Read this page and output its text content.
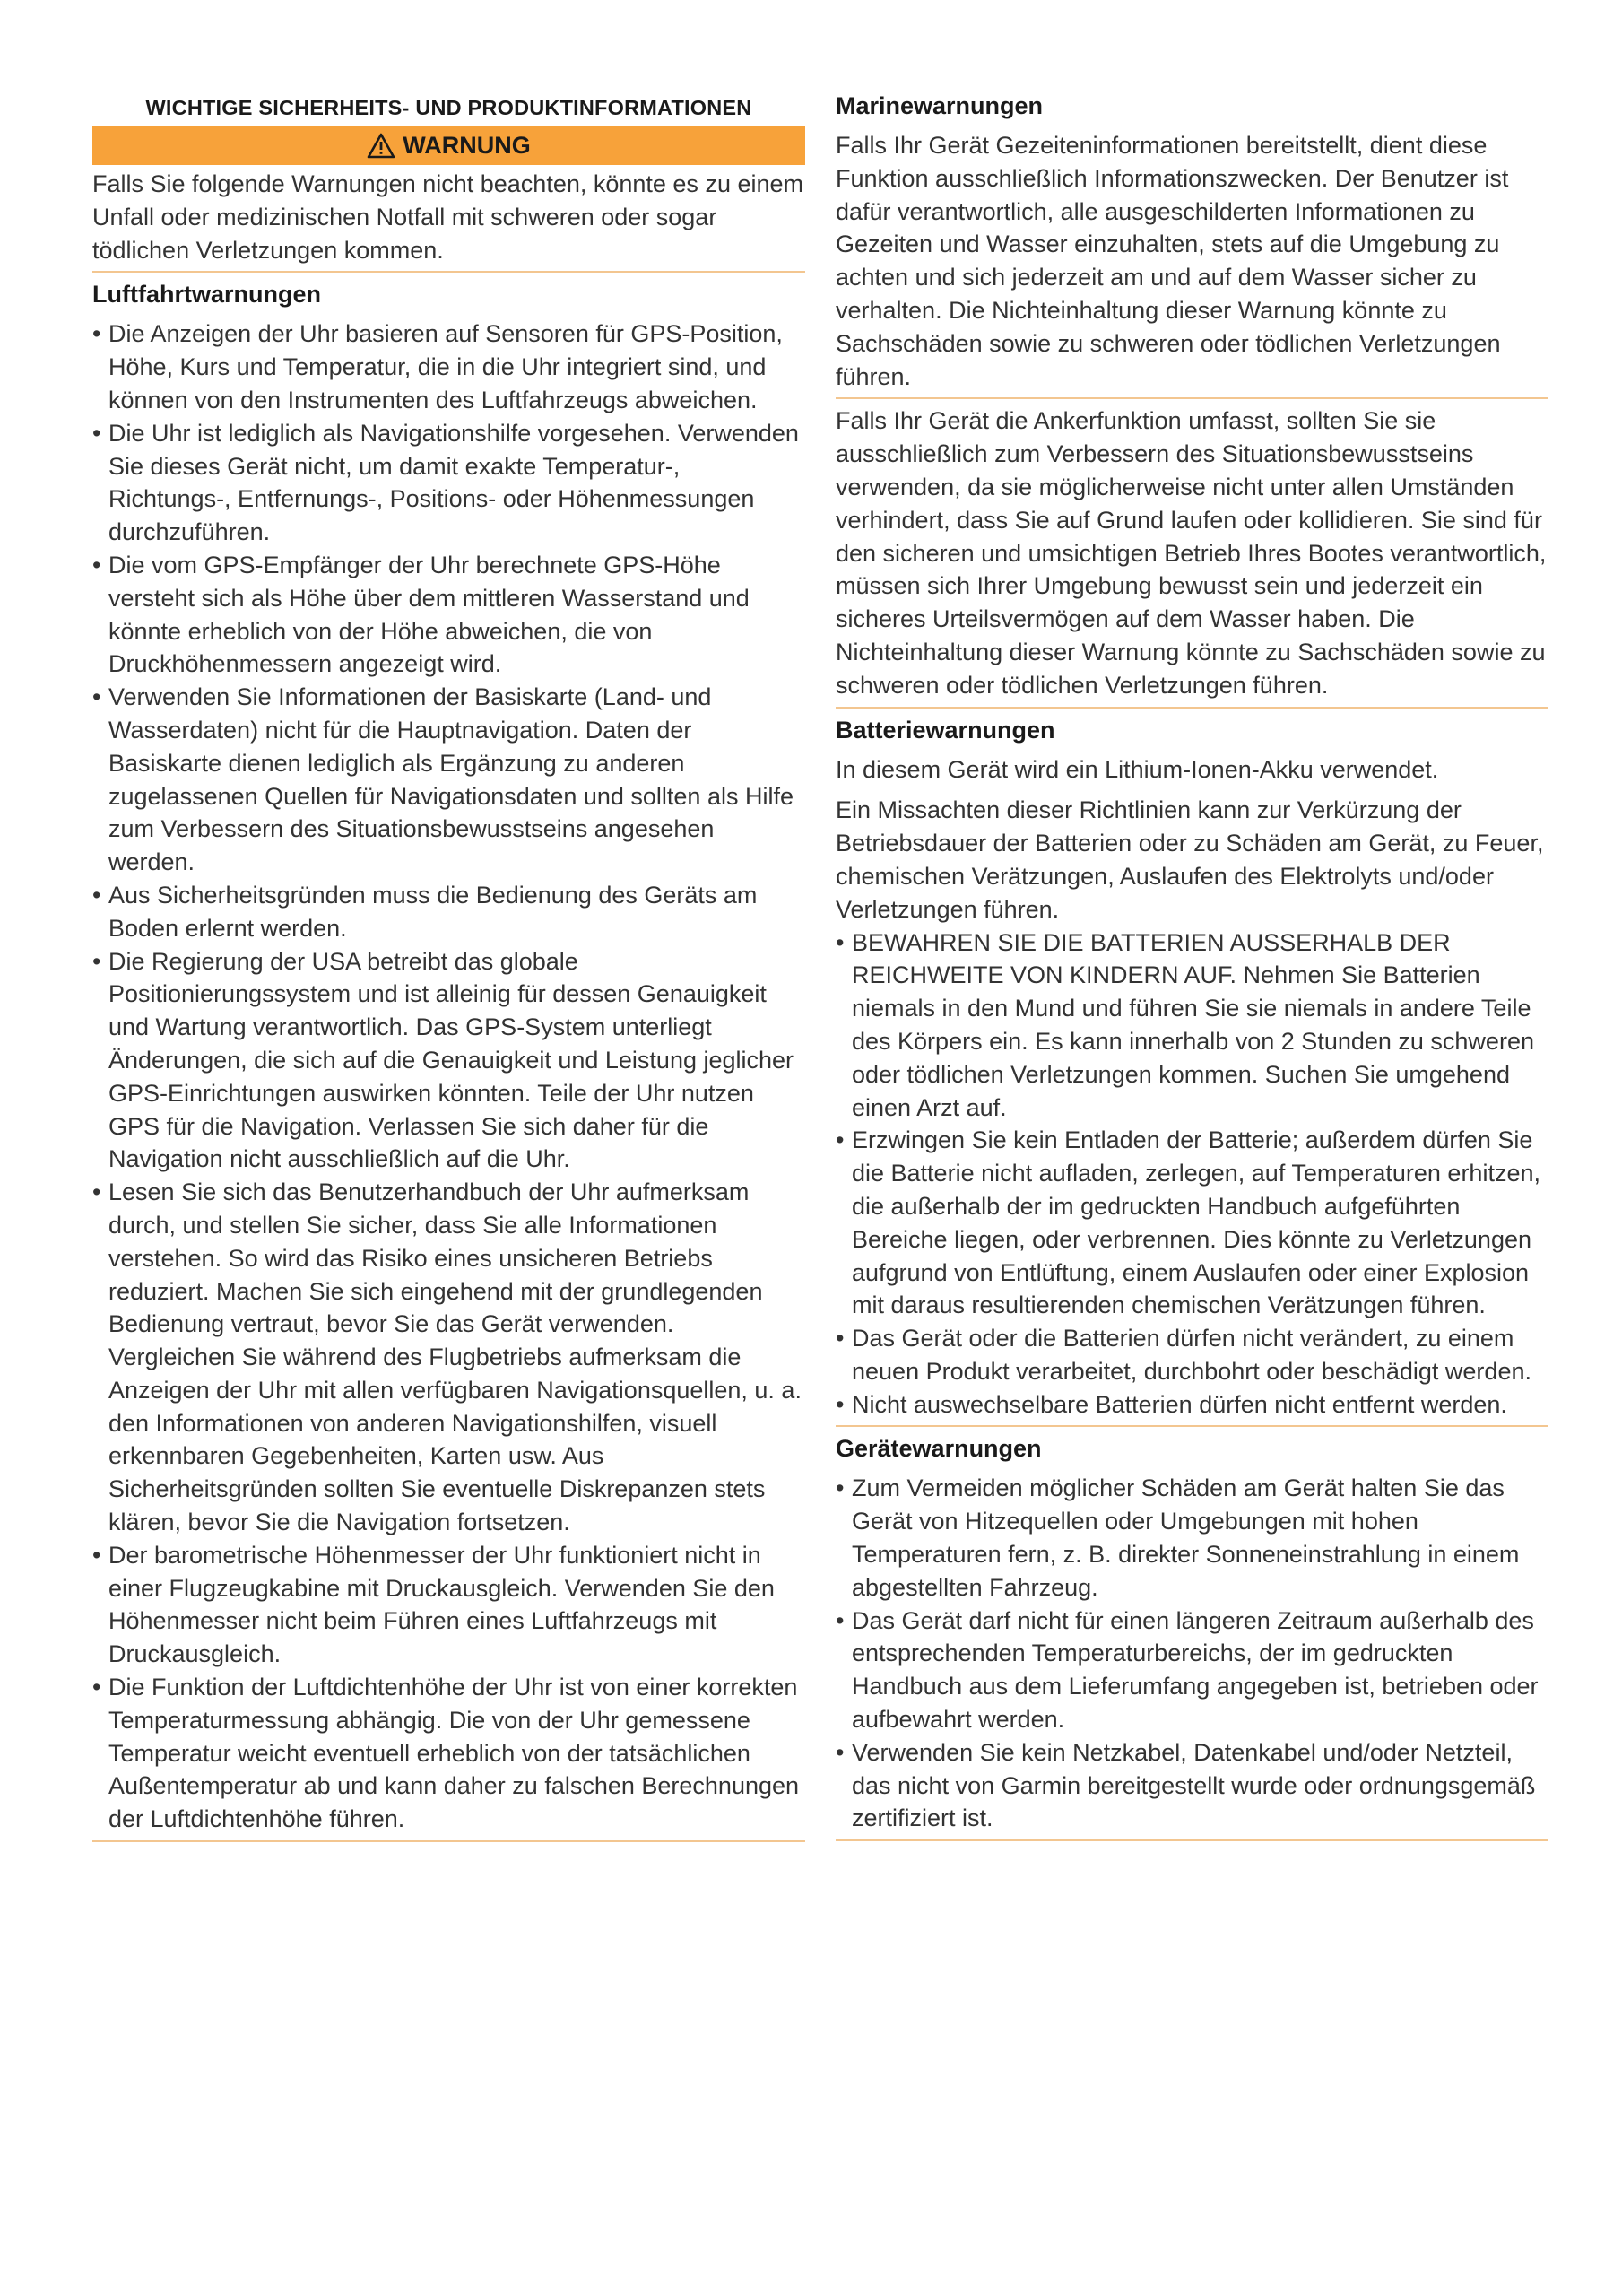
WICHTIGE SICHERHEITS- UND PRODUKTINFORMATIONEN
WARNUNG

Falls Sie folgende Warnungen nicht beachten, könnte es zu einem Unfall oder medizinischen Notfall mit schweren oder sogar tödlichen Verletzungen kommen.

Luftfahrtwarnungen
• Die Anzeigen der Uhr basieren auf Sensoren für GPS-Position, Höhe, Kurs und Temperatur, die in die Uhr integriert sind, und können von den Instrumenten des Luftfahrzeugs abweichen.
• Die Uhr ist lediglich als Navigationshilfe vorgesehen. Verwenden Sie dieses Gerät nicht, um damit exakte Temperatur-, Richtungs-, Entfernungs-, Positions- oder Höhenmessungen durchzuführen.
• Die vom GPS-Empfänger der Uhr berechnete GPS-Höhe versteht sich als Höhe über dem mittleren Wasserstand und könnte erheblich von der Höhe abweichen, die von Druckhöhenmessern angezeigt wird.
• Verwenden Sie Informationen der Basiskarte (Land- und Wasserdaten) nicht für die Hauptnavigation. Daten der Basiskarte dienen lediglich als Ergänzung zu anderen zugelassenen Quellen für Navigationsdaten und sollten als Hilfe zum Verbessern des Situationsbewusstseins angesehen werden.
• Aus Sicherheitsgründen muss die Bedienung des Geräts am Boden erlernt werden.
• Die Regierung der USA betreibt das globale Positionierungssystem und ist alleinig für dessen Genauigkeit und Wartung verantwortlich. Das GPS-System unterliegt Änderungen, die sich auf die Genauigkeit und Leistung jeglicher GPS-Einrichtungen auswirken könnten. Teile der Uhr nutzen GPS für die Navigation. Verlassen Sie sich daher für die Navigation nicht ausschließlich auf die Uhr.
• Lesen Sie sich das Benutzerhandbuch der Uhr aufmerksam durch, und stellen Sie sicher, dass Sie alle Informationen verstehen. So wird das Risiko eines unsicheren Betriebs reduziert. Machen Sie sich eingehend mit der grundlegenden Bedienung vertraut, bevor Sie das Gerät verwenden. Vergleichen Sie während des Flugbetriebs aufmerksam die Anzeigen der Uhr mit allen verfügbaren Navigationsquellen, u. a. den Informationen von anderen Navigationshilfen, visuell erkennbaren Gegebenheiten, Karten usw. Aus Sicherheitsgründen sollten Sie eventuelle Diskrepanzen stets klären, bevor Sie die Navigation fortsetzen.
• Der barometrische Höhenmesser der Uhr funktioniert nicht in einer Flugzeugkabine mit Druckausgleich. Verwenden Sie den Höhenmesser nicht beim Führen eines Luftfahrzeugs mit Druckausgleich.
• Die Funktion der Luftdichtenhöhe der Uhr ist von einer korrekten Temperaturmessung abhängig. Die von der Uhr gemessene Temperatur weicht eventuell erheblich von der tatsächlichen Außentemperatur ab und kann daher zu falschen Berechnungen der Luftdichtenhöhe führen.
Marinewarnungen

Falls Ihr Gerät Gezeiteninformationen bereitstellt, dient diese Funktion ausschließlich Informationszwecken. Der Benutzer ist dafür verantwortlich, alle ausgeschilderten Informationen zu Gezeiten und Wasser einzuhalten, stets auf die Umgebung zu achten und sich jederzeit am und auf dem Wasser sicher zu verhalten. Die Nichteinhaltung dieser Warnung könnte zu Sachschäden sowie zu schweren oder tödlichen Verletzungen führen.

Falls Ihr Gerät die Ankerfunktion umfasst, sollten Sie sie ausschließlich zum Verbessern des Situationsbewusstseins verwenden, da sie möglicherweise nicht unter allen Umständen verhindert, dass Sie auf Grund laufen oder kollidieren. Sie sind für den sicheren und umsichtigen Betrieb Ihres Bootes verantwortlich, müssen sich Ihrer Umgebung bewusst sein und jederzeit ein sicheres Urteilsvermögen auf dem Wasser haben. Die Nichteinhaltung dieser Warnung könnte zu Sachschäden sowie zu schweren oder tödlichen Verletzungen führen.

Batteriewarnungen

In diesem Gerät wird ein Lithium-Ionen-Akku verwendet.

Ein Missachten dieser Richtlinien kann zur Verkürzung der Betriebsdauer der Batterien oder zu Schäden am Gerät, zu Feuer, chemischen Verätzungen, Auslaufen des Elektrolyts und/oder Verletzungen führen.

• BEWAHREN SIE DIE BATTERIEN AUSSERHALB DER REICHWEITE VON KINDERN AUF. Nehmen Sie Batterien niemals in den Mund und führen Sie sie niemals in andere Teile des Körpers ein. Es kann innerhalb von 2 Stunden zu schweren oder tödlichen Verletzungen kommen. Suchen Sie umgehend einen Arzt auf.
• Erzwingen Sie kein Entladen der Batterie; außerdem dürfen Sie die Batterie nicht aufladen, zerlegen, auf Temperaturen erhitzen, die außerhalb der im gedruckten Handbuch aufgeführten Bereiche liegen, oder verbrennen. Dies könnte zu Verletzungen aufgrund von Entlüftung, einem Auslaufen oder einer Explosion mit daraus resultierenden chemischen Verätzungen führen.
• Das Gerät oder die Batterien dürfen nicht verändert, zu einem neuen Produkt verarbeitet, durchbohrt oder beschädigt werden.
• Nicht auswechselbare Batterien dürfen nicht entfernt werden.
Gerätewarnungen
• Zum Vermeiden möglicher Schäden am Gerät halten Sie das Gerät von Hitzequellen oder Umgebungen mit hohen Temperaturen fern, z. B. direkter Sonneneinstrahlung in einem abgestellten Fahrzeug.
• Das Gerät darf nicht für einen längeren Zeitraum außerhalb des entsprechenden Temperaturbereichs, der im gedruckten Handbuch aus dem Lieferumfang angegeben ist, betrieben oder aufbewahrt werden.
• Verwenden Sie kein Netzkabel, Datenkabel und/oder Netzteil, das nicht von Garmin bereitgestellt wurde oder ordnungsgemäß zertifiziert ist.
